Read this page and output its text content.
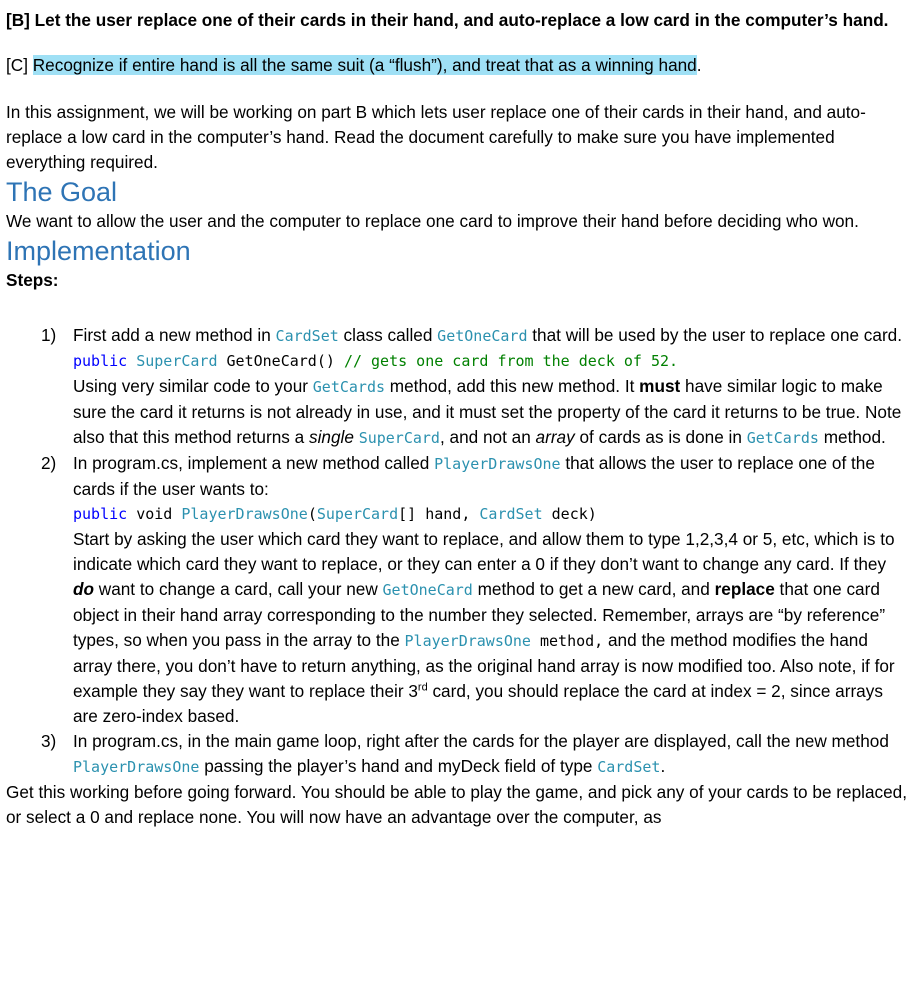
[B] Let the user replace one of their cards in their hand, and auto-replace a low card in the computer’s hand.

[C] Recognize if entire hand is all the same suit (a “flush”), and treat that as a winning hand.

In this assignment, we will be working on part B which lets user replace one of their cards in their hand, and auto-replace a low card in the computer’s hand. Read the document carefully to make sure you have implemented everything required.

The Goal

We want to allow the user and the computer to replace one card to improve their hand before deciding who won.

Implementation

Steps:

1) First add a new method in CardSet class called GetOneCard that will be used by the user to replace one card.
public SuperCard GetOneCard() // gets one card from the deck of 52.
Using very similar code to your GetCards method, add this new method. It must have similar logic to make sure the card it returns is not already in use, and it must set the property of the card it returns to be true. Note also that this method returns a single SuperCard, and not an array of cards as is done in GetCards method.
2) In program.cs, implement a new method called PlayerDrawsOne that allows the user to replace one of the cards if the user wants to:
public void PlayerDrawsOne(SuperCard[] hand, CardSet deck)
Start by asking the user which card they want to replace, and allow them to type 1,2,3,4 or 5, etc, which is to indicate which card they want to replace, or they can enter a 0 if they don’t want to change any card. If they do want to change a card, call your new GetOneCard method to get a new card, and replace that one card object in their hand array corresponding to the number they selected. Remember, arrays are “by reference” types, so when you pass in the array to the PlayerDrawsOne method, and the method modifies the hand array there, you don’t have to return anything, as the original hand array is now modified too. Also note, if for example they say they want to replace their 3rd card, you should replace the card at index = 2, since arrays are zero-index based.
3) In program.cs, in the main game loop, right after the cards for the player are displayed, call the new method PlayerDrawsOne passing the player’s hand and myDeck field of type CardSet.

Get this working before going forward. You should be able to play the game, and pick any of your cards to be replaced, or select a 0 and replace none. You will now have an advantage over the computer, as
